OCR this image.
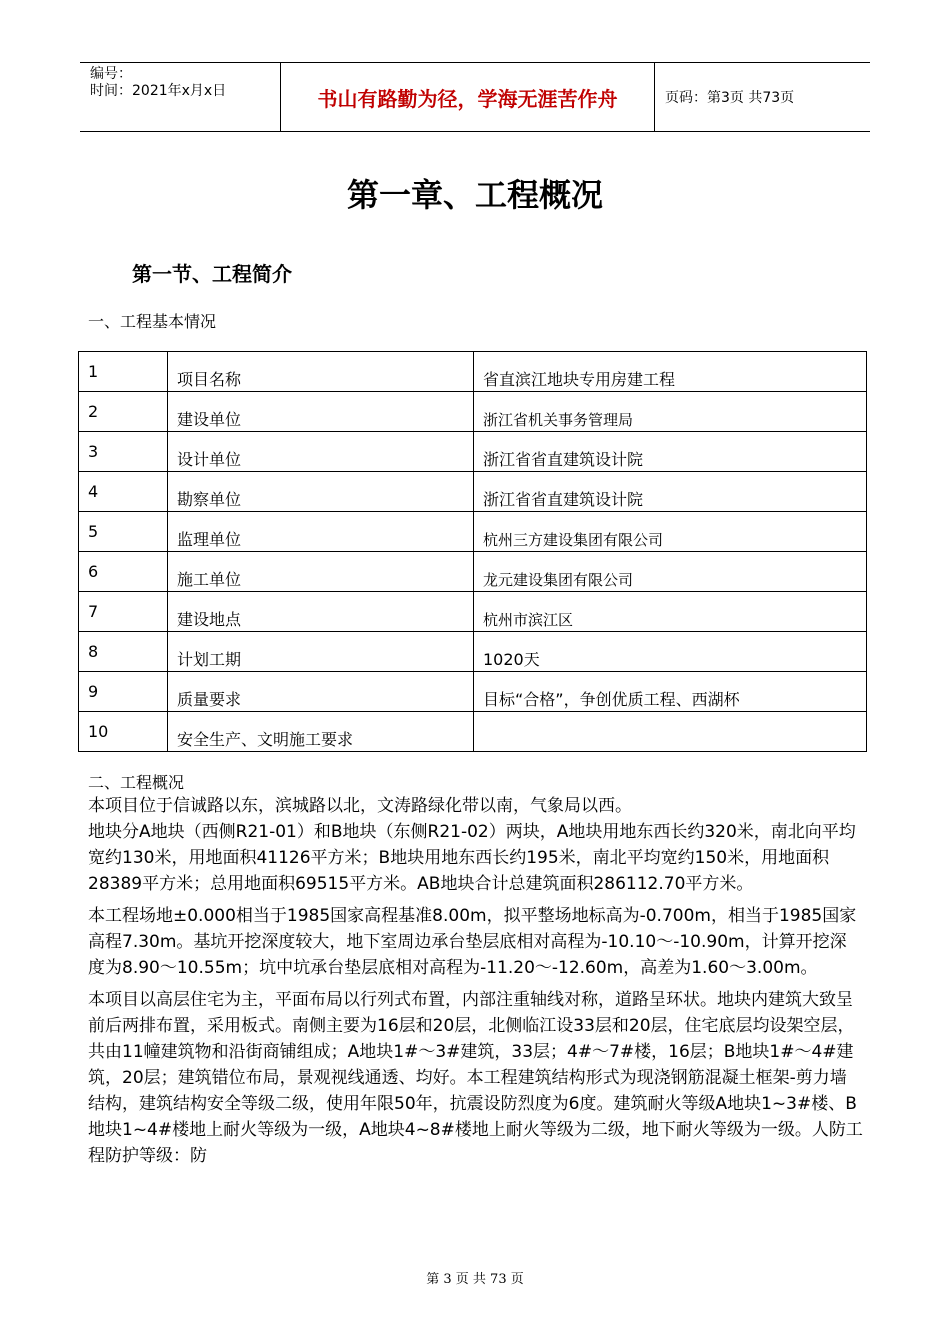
编号：
时间：2021年x月x日	书山有路勤为径，学海无涯苦作舟	页码：第3页 共73页
第一章、工程概况
第一节、工程简介
一、工程基本情况
1	项目名称	省直滨江地块专用房建工程
2	建设单位	浙江省机关事务管理局
3	设计单位	浙江省省直建筑设计院
4	勘察单位	浙江省省直建筑设计院
5	监理单位	杭州三方建设集团有限公司
6	施工单位	龙元建设集团有限公司
7	建设地点	杭州市滨江区
8	计划工期	1020天
9	质量要求	目标“合格”，争创优质工程、西湖杯
10	安全生产、文明施工要求	
二、工程概况

本项目位于信诚路以东，滨城路以北，文涛路绿化带以南，气象局以西。

地块分A地块（西侧R21-01）和B地块（东侧R21-02）两块，A地块用地东西长约320米，南北向平均宽约130米，用地面积41126平方米；B地块用地东西长约195米，南北平均宽约150米，用地面积28389平方米；总用地面积69515平方米。AB地块合计总建筑面积286112.70平方米。

本工程场地±0.000相当于1985国家高程基准8.00m，拟平整场地标高为-0.700m，相当于1985国家高程7.30m。基坑开挖深度较大，地下室周边承台垫层底相对高程为-10.10～-10.90m，计算开挖深度为8.90～10.55m；坑中坑承台垫层底相对高程为-11.20～-12.60m，高差为1.60～3.00m。

本项目以高层住宅为主，平面布局以行列式布置，内部注重轴线对称，道路呈环状。地块内建筑大致呈前后两排布置，采用板式。南侧主要为16层和20层，北侧临江设33层和20层，住宅底层均设架空层，共由11幢建筑物和沿街商铺组成；A地块1#～3#建筑，33层；4#～7#楼，16层；B地块1#～4#建筑，20层；建筑错位布局，景观视线通透、均好。本工程建筑结构形式为现浇钢筋混凝土框架-剪力墙结构，建筑结构安全等级二级，使用年限50年，抗震设防烈度为6度。建筑耐火等级A地块1~3#楼、B地块1~4#楼地上耐火等级为一级，A地块4~8#楼地上耐火等级为二级，地下耐火等级为一级。人防工程防护等级：防

第 3 页 共 73 页
